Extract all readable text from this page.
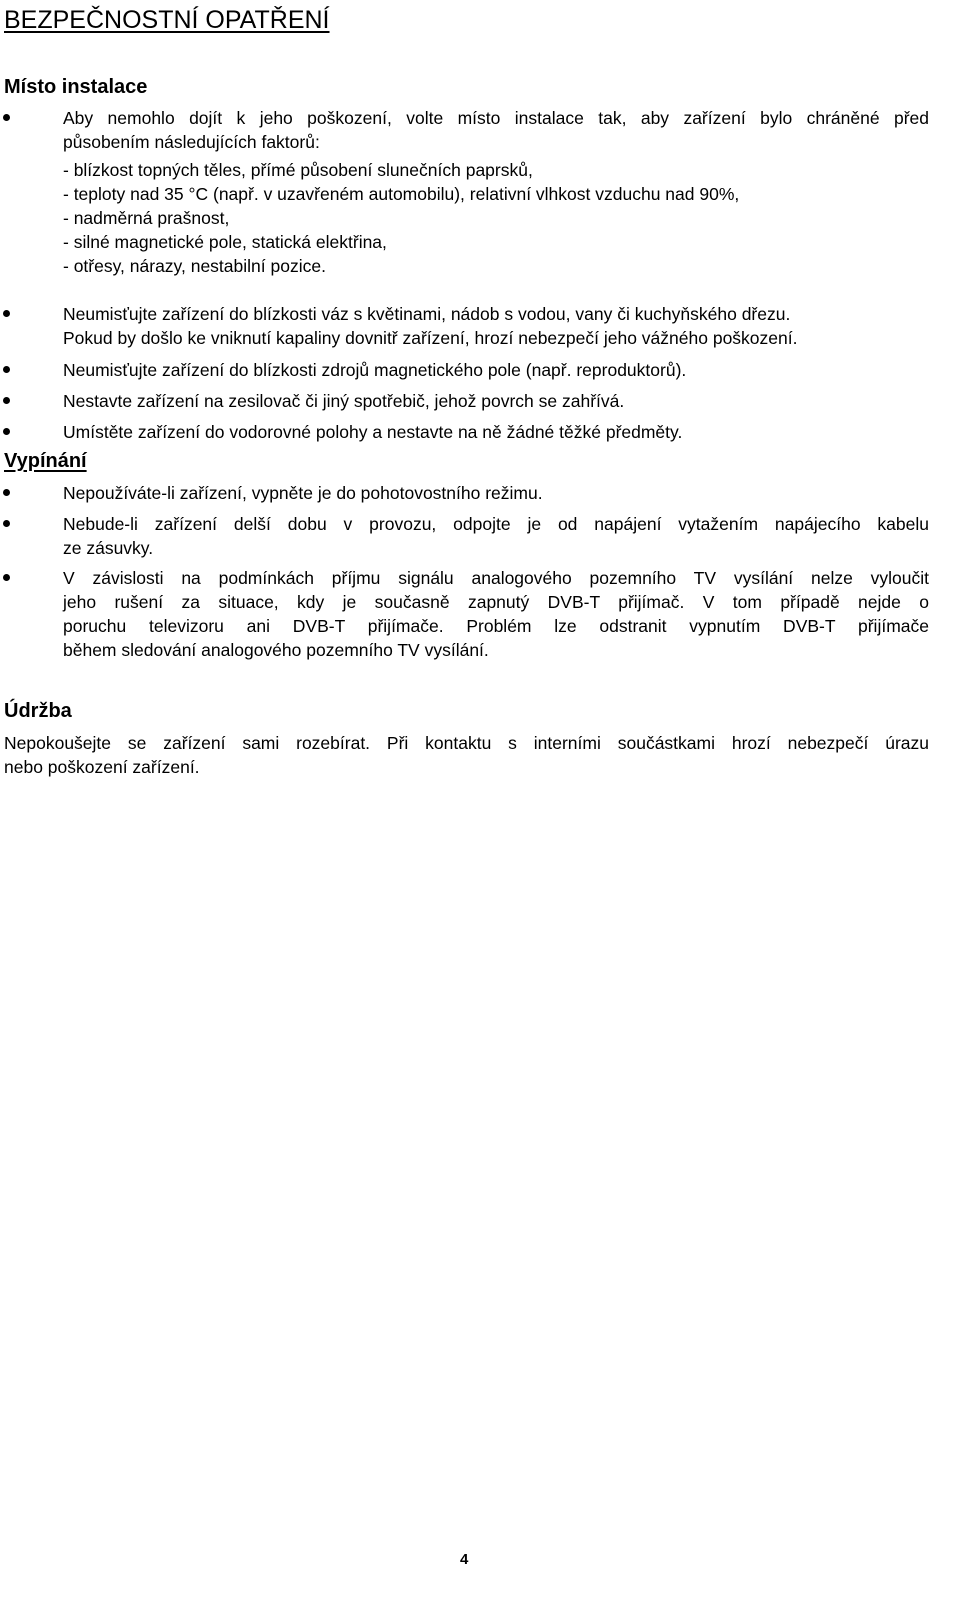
BEZPEČNOSTNÍ OPATŘENÍ
Místo instalace

Aby nemohlo dojít k jeho poškození, volte místo instalace tak, aby zařízení bylo chráněné před

působením následujících faktorů:

- blízkost topných těles, přímé působení slunečních paprsků,

- teploty nad 35 °C (např. v uzavřeném automobilu), relativní vlhkost vzduchu nad 90%,

- nadměrná prašnost,

- silné magnetické pole, statická elektřina,

- otřesy, nárazy, nestabilní pozice.

Neumisťujte zařízení do blízkosti váz s květinami, nádob s vodou, vany či kuchyňského dřezu.

Pokud by došlo ke vniknutí kapaliny dovnitř zařízení, hrozí nebezpečí jeho vážného poškození.

Neumisťujte zařízení do blízkosti zdrojů magnetického pole (např. reproduktorů).

Nestavte zařízení na zesilovač či jiný spotřebič, jehož povrch se zahřívá.

Umístěte zařízení do vodorovné polohy a nestavte na ně žádné těžké předměty.

Vypínání

Nepoužíváte-li zařízení, vypněte je do pohotovostního režimu.

Nebude-li zařízení delší dobu v provozu, odpojte je od napájení vytažením napájecího kabelu

ze zásuvky.

V závislosti na podmínkách příjmu signálu analogového pozemního TV vysílání nelze vyloučit

jeho rušení za situace, kdy je současně zapnutý DVB-T přijímač. V tom případě nejde o

poruchu televizoru ani DVB-T přijímače. Problém lze odstranit vypnutím DVB-T přijímače

během sledování analogového pozemního TV vysílání.

Údržba

Nepokoušejte se zařízení sami rozebírat. Při kontaktu s interními součástkami hrozí nebezpečí úrazu

nebo poškození zařízení.

4
